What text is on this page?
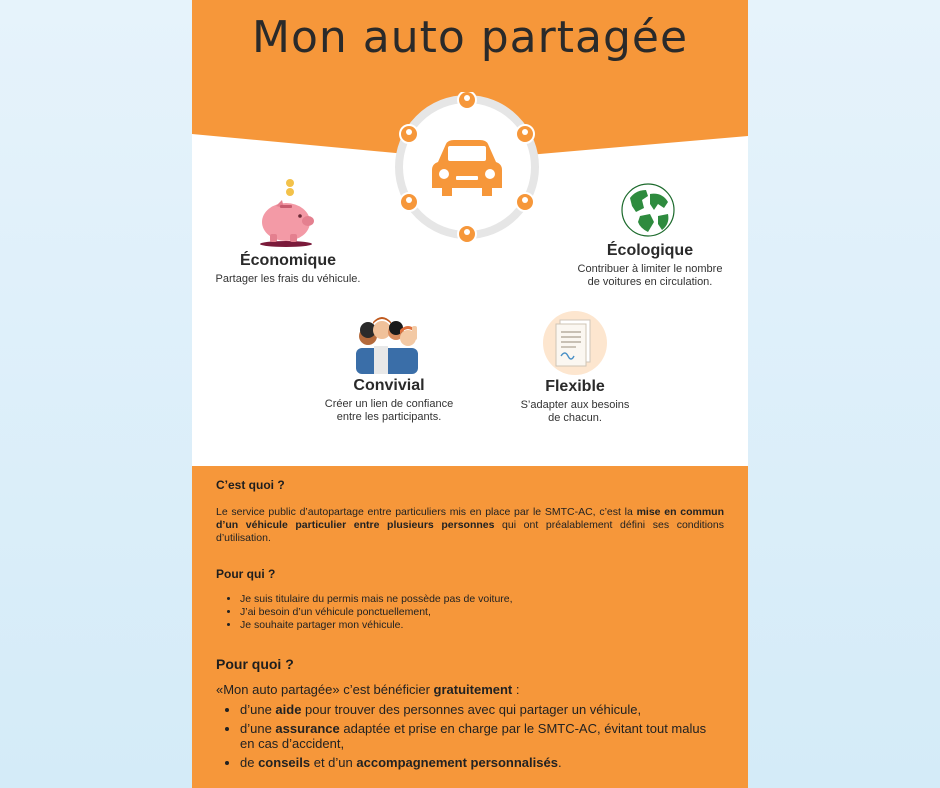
Mon auto partagée
Économique

Partager les frais du véhicule.

Écologique

Contribuer à limiter le nombre
de voitures en circulation.

Convivial

Créer un lien de confiance
entre les participants.

Flexible

S’adapter aux besoins
de chacun.

C’est quoi ?

Le service public d’autopartage entre particuliers mis en place par le SMTC-AC, c’est la mise en commun d’un véhicule particulier entre plusieurs personnes qui ont préalablement défini ses conditions d’utilisation.

Pour qui ?
• Je suis titulaire du permis mais ne possède pas de voiture,
• J’ai besoin d’un véhicule ponctuellement,
• Je souhaite partager mon véhicule.
Pour quoi ?

«Mon auto partagée» c’est bénéficier gratuitement :

• d’une aide pour trouver des personnes avec qui partager un véhicule,
• d’une assurance adaptée et prise en charge par le SMTC-AC, évitant tout malus en cas d’accident,
• de conseils et d’un accompagnement personnalisés.
